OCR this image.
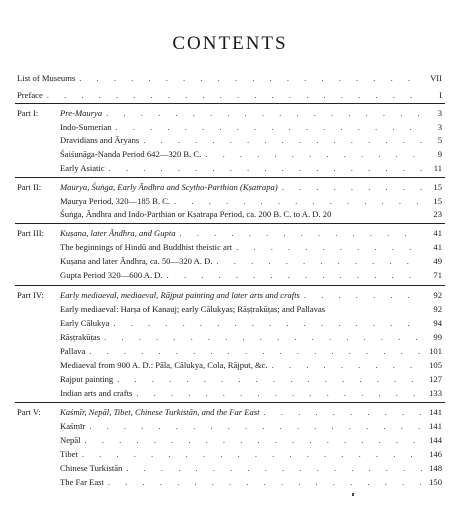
CONTENTS
List of Museums . . .	VII
Preface . . .	I
Part I:	Pre-Maurya . . .	3
Indo-Sumerian . . .	3
Dravidians and Āryans . . .	5
Śaiśunāga-Nanda Period 642—320 B. C. . . .	9
Early Asiatic . . .	11
Part II: Maurya, Śuṅga, Early Āndhra and Scytho-Parthian (Kṣatrapa) . . .	15
Maurya Period, 320—185 B. C. . . .	15
Śuṅga, Āndhra and Indo-Parthian or Kṣatrapa Period, ca. 200 B. C. to A. D. 20	23
Part III: Kuṣana, later Āndhra, and Gupta . . .	41
The beginnings of Hindū and Buddhist theistic art . . .	41
Kuṣana and later Āndhra, ca. 50—320 A. D. . . .	49
Gupta Period 320—600 A. D. . . .	71
Part IV: Early mediaeval, mediaeval, Rājput painting and later arts and crafts . . .	92
Early mediaeval: Harṣa of Kanauj; early Cālukyas; Rāṣṭrakūṭas; and Pallavas	92
Early Cālukya . . .	94
Rāṣṭrakūṭas . . .	99
Pallava . . .	101
Mediaeval from 900 A. D.: Pāla, Cālukya, Cola, Rājput, &c. . . .	105
Rajput painting . . .	127
Indian arts and crafts . . .	133
Part V: Kaśmīr, Nepāl, Tibet, Chinese Turkistān, and the Far East . . .	141
Kaśmīr . . .	141
Nepāl . . .	144
Tibet . . .	146
Chinese Turkistān . . .	148
The Far East . . .	150
